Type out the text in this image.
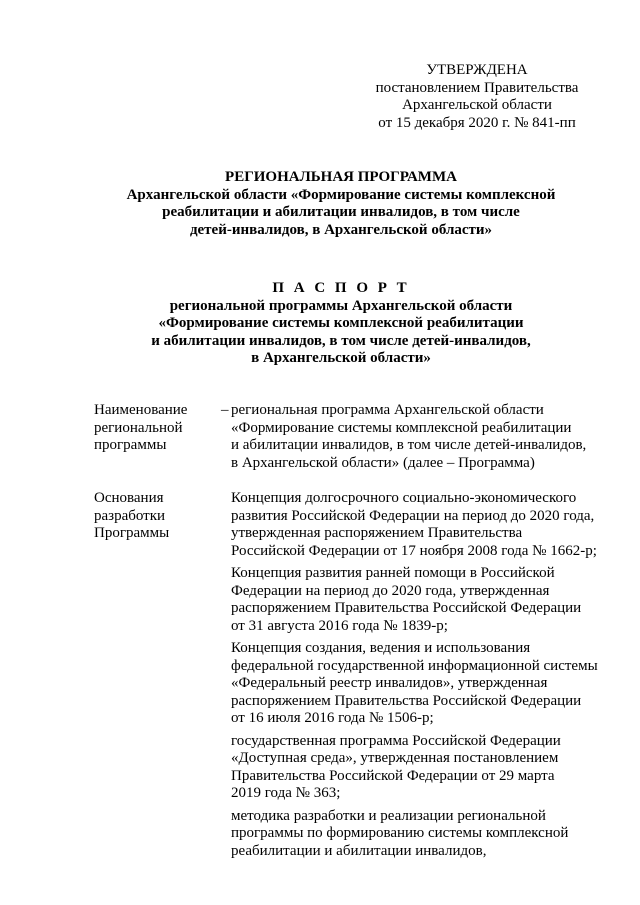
УТВЕРЖДЕНА
постановлением Правительства
Архангельской области
от 15 декабря 2020 г. № 841-пп
РЕГИОНАЛЬНАЯ ПРОГРАММА
Архангельской области «Формирование системы комплексной
реабилитации и абилитации инвалидов, в том числе
детей-инвалидов, в Архангельской области»
П А С П О Р Т
региональной программы Архангельской области
«Формирование системы комплексной реабилитации
и абилитации инвалидов, в том числе детей-инвалидов,
в Архангельской области»
Наименование
региональной
программы
– региональная программа Архангельской области
«Формирование системы комплексной реабилитации
и абилитации инвалидов, в том числе детей-инвалидов,
в Архангельской области» (далее – Программа)
Основания
разработки
Программы
Концепция долгосрочного социально-экономического
развития Российской Федерации на период до 2020 года,
утвержденная распоряжением Правительства
Российской Федерации от 17 ноября 2008 года № 1662-р;
Концепция развития ранней помощи в Российской
Федерации на период до 2020 года, утвержденная
распоряжением Правительства Российской Федерации
от 31 августа 2016 года № 1839-р;
Концепция создания, ведения и использования
федеральной государственной информационной системы
«Федеральный реестр инвалидов», утвержденная
распоряжением Правительства Российской Федерации
от 16 июля 2016 года № 1506-р;
государственная программа Российской Федерации
«Доступная среда», утвержденная постановлением
Правительства Российской Федерации от 29 марта
2019 года № 363;
методика разработки и реализации региональной
программы по формированию системы комплексной
реабилитации и абилитации инвалидов,
